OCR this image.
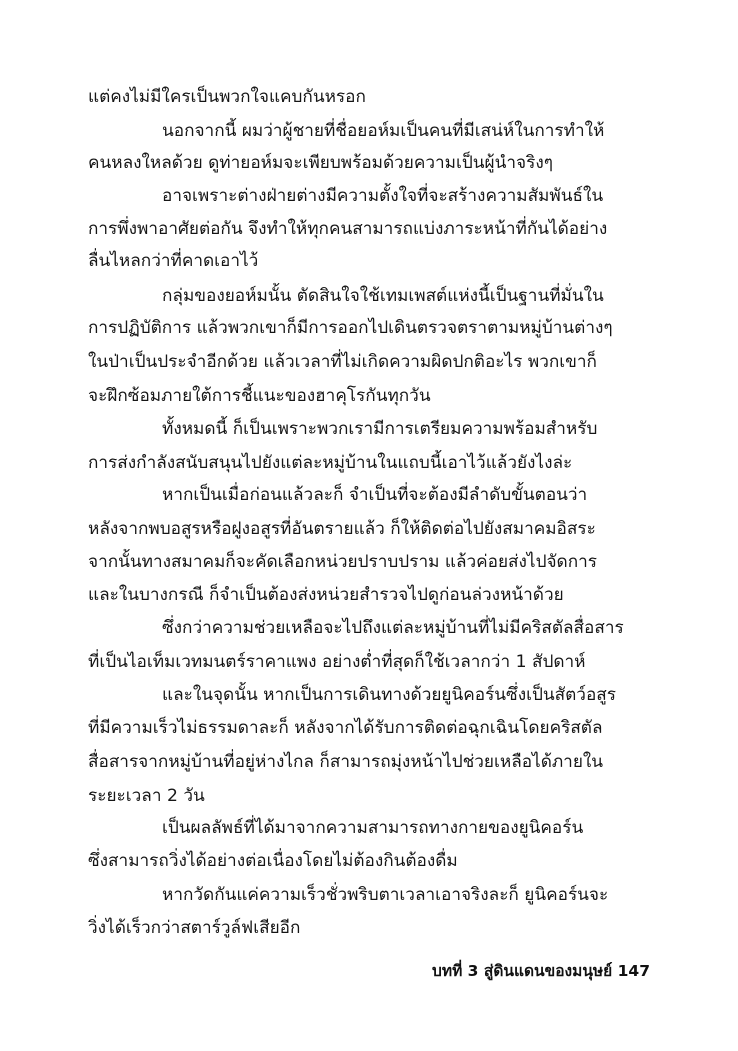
แต่คงไม่มีใครเป็นพวกใจแคบกันหรอก
นอกจากนี้ ผมว่าผู้ชายที่ชื่อยอห์มเป็นคนที่มีเสน่ห์ในการทำให้
คนหลงใหลด้วย ดูท่ายอห์มจะเพียบพร้อมด้วยความเป็นผู้นำจริงๆ
อาจเพราะต่างฝ่ายต่างมีความตั้งใจที่จะสร้างความสัมพันธ์ใน
การพึ่งพาอาศัยต่อกัน จึงทำให้ทุกคนสามารถแบ่งภาระหน้าที่กันได้อย่าง
ลื่นไหลกว่าที่คาดเอาไว้
กลุ่มของยอห์มนั้น ตัดสินใจใช้เทมเพสต์แห่งนี้เป็นฐานที่มั่นใน
การปฏิบัติการ แล้วพวกเขาก็มีการออกไปเดินตรวจตราตามหมู่บ้านต่างๆ
ในป่าเป็นประจำอีกด้วย แล้วเวลาที่ไม่เกิดความผิดปกติอะไร พวกเขาก็
จะฝึกซ้อมภายใต้การชี้แนะของฮาคุโรกันทุกวัน
ทั้งหมดนี้ ก็เป็นเพราะพวกเรามีการเตรียมความพร้อมสำหรับ
การส่งกำลังสนับสนุนไปยังแต่ละหมู่บ้านในแถบนี้เอาไว้แล้วยังไงล่ะ
หากเป็นเมื่อก่อนแล้วละก็ จำเป็นที่จะต้องมีลำดับขั้นตอนว่า
หลังจากพบอสูรหรือฝูงอสูรที่อันตรายแล้ว ก็ให้ติดต่อไปยังสมาคมอิสระ
จากนั้นทางสมาคมก็จะคัดเลือกหน่วยปราบปราม แล้วค่อยส่งไปจัดการ
และในบางกรณี ก็จำเป็นต้องส่งหน่วยสำรวจไปดูก่อนล่วงหน้าด้วย
ซึ่งกว่าความช่วยเหลือจะไปถึงแต่ละหมู่บ้านที่ไม่มีคริสตัลสื่อสาร
ที่เป็นไอเท็มเวทมนตร์ราคาแพง อย่างต่ำที่สุดก็ใช้เวลากว่า 1 สัปดาห์
และในจุดนั้น หากเป็นการเดินทางด้วยยูนิคอร์นซึ่งเป็นสัตว์อสูร
ที่มีความเร็วไม่ธรรมดาละก็ หลังจากได้รับการติดต่อฉุกเฉินโดยคริสตัล
สื่อสารจากหมู่บ้านที่อยู่ห่างไกล ก็สามารถมุ่งหน้าไปช่วยเหลือได้ภายใน
ระยะเวลา 2 วัน
เป็นผลลัพธ์ที่ได้มาจากความสามารถทางกายของยูนิคอร์น
ซึ่งสามารถวิ่งได้อย่างต่อเนื่องโดยไม่ต้องกินต้องดื่ม
หากวัดกันแค่ความเร็วชั่วพริบตาเวลาเอาจริงละก็ ยูนิคอร์นจะ
วิ่งได้เร็วกว่าสตาร์วูล์ฟเสียอีก
บทที่ 3 สู่ดินแดนของมนุษย์ 147
